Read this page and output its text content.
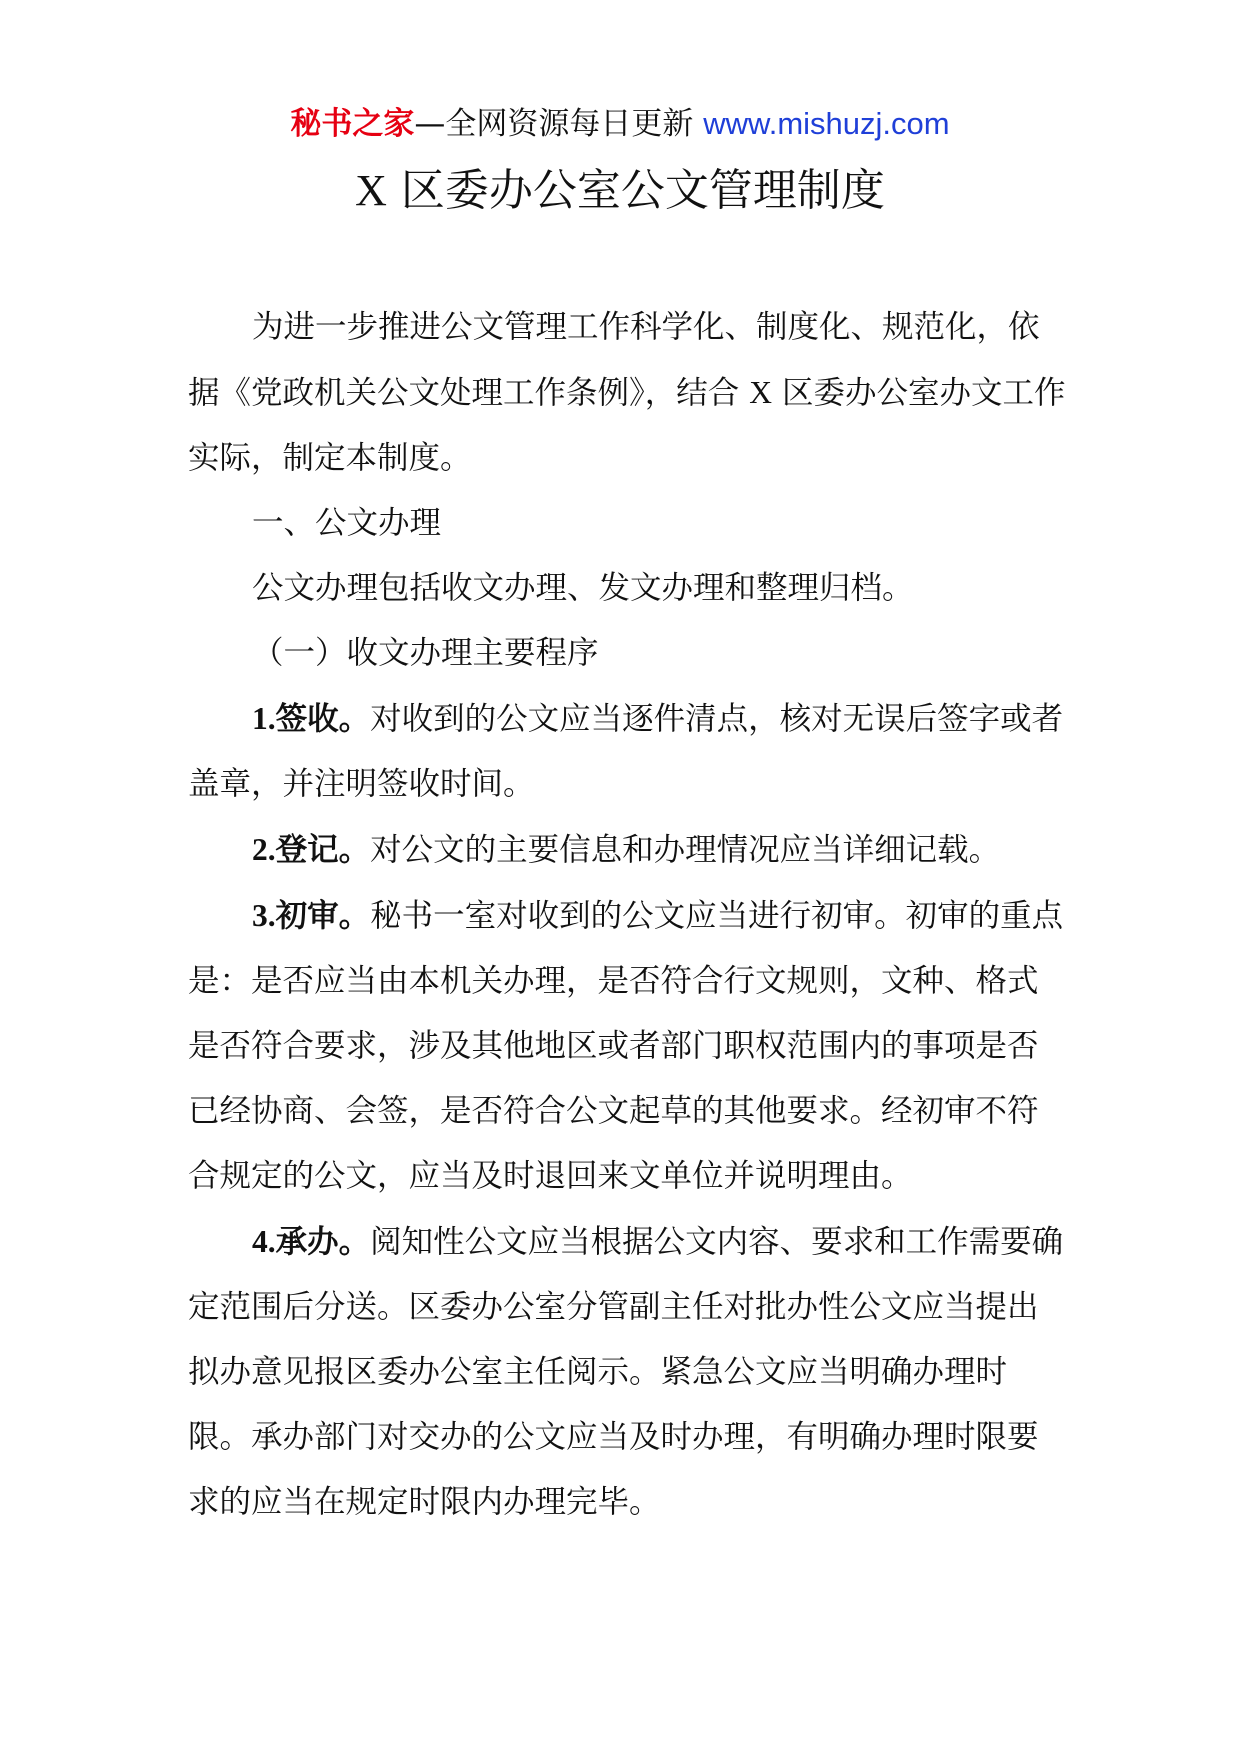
秘书之家—全网资源每日更新 www.mishuzj.com
X 区委办公室公文管理制度

为进一步推进公文管理工作科学化、制度化、规范化，依据《党政机关公文处理工作条例》，结合 X 区委办公室办文工作实际，制定本制度。

一、公文办理

公文办理包括收文办理、发文办理和整理归档。

（一）收文办理主要程序

1.签收。对收到的公文应当逐件清点，核对无误后签字或者盖章，并注明签收时间。

2.登记。对公文的主要信息和办理情况应当详细记载。

3.初审。秘书一室对收到的公文应当进行初审。初审的重点是：是否应当由本机关办理，是否符合行文规则，文种、格式是否符合要求，涉及其他地区或者部门职权范围内的事项是否已经协商、会签，是否符合公文起草的其他要求。经初审不符合规定的公文，应当及时退回来文单位并说明理由。

4.承办。阅知性公文应当根据公文内容、要求和工作需要确定范围后分送。区委办公室分管副主任对批办性公文应当提出拟办意见报区委办公室主任阅示。紧急公文应当明确办理时限。承办部门对交办的公文应当及时办理，有明确办理时限要求的应当在规定时限内办理完毕。
